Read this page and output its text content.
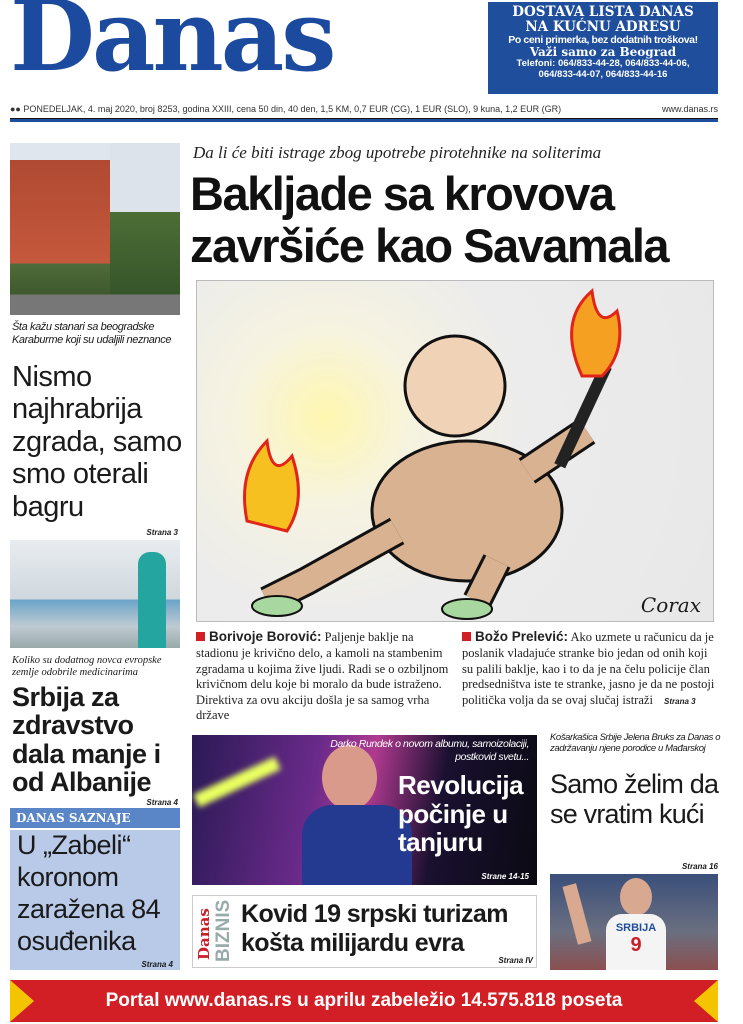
Danas	DOSTAVA LISTA DANAS
NA KUĆNU ADRESU
Po ceni primerka, bez dodatnih troškova!
Važi samo za Beograd
Telefoni: 064/833-44-28, 064/833-44-06,
064/833-44-07, 064/833-44-16
●● PONEDELJAK, 4. maj 2020, broj 8253, godina XXIII, cena 50 din, 40 den, 1,5 KM, 0,7 EUR (CG), 1 EUR (SLO), 9 kuna, 1,2 EUR (GR)	www.danas.rs
Šta kažu stanari sa beogradske Karaburme koji su udaljili neznance
Nismo najhrabrija zgrada, samo smo oterali bagru
Strana 3
Koliko su dodatnog novca evropske zemlje odobrile medicinarima
Srbija za zdravstvo dala manje i od Albanije
Strana 4
DANAS SAZNAJE
U „Zabeli“ koronom zaražena 84 osuđenika
Strana 4
Da li će biti istrage zbog upotrebe pirotehnike na soliterima
Bakljade sa krovova
završiće kao Savamala
Corax
Borivoje Borović: Paljenje baklje na stadionu je krivično delo, a kamoli na stambenim zgradama u kojima žive ljudi. Radi se o ozbiljnom krivičnom delu koje bi moralo da bude istraženo. Direktiva za ovu akciju došla je sa samog vrha države
Božo Prelević: Ako uzmete u računicu da je poslanik vladajuće stranke bio jedan od onih koji su palili baklje, kao i to da je na čelu policije član predsedništva iste te stranke, jasno je da ne postoji politička volja da se ovaj slučaj istraži Strana 3
Darko Rundek o novom albumu, samoizolaciji, postkovid svetu...
Revolucija počinje u tanjuru
Strane 14-15
Danas BIZNIS Kovid 19 srpski turizam košta milijardu evra
Strana IV
Košarkašica Srbije Jelena Bruks za Danas o zadržavanju njene porodice u Mađarskoj
Samo želim da se vratim kući
Strana 16
SRBIJA
9
Portal www.danas.rs u aprilu zabeležio 14.575.818 poseta
